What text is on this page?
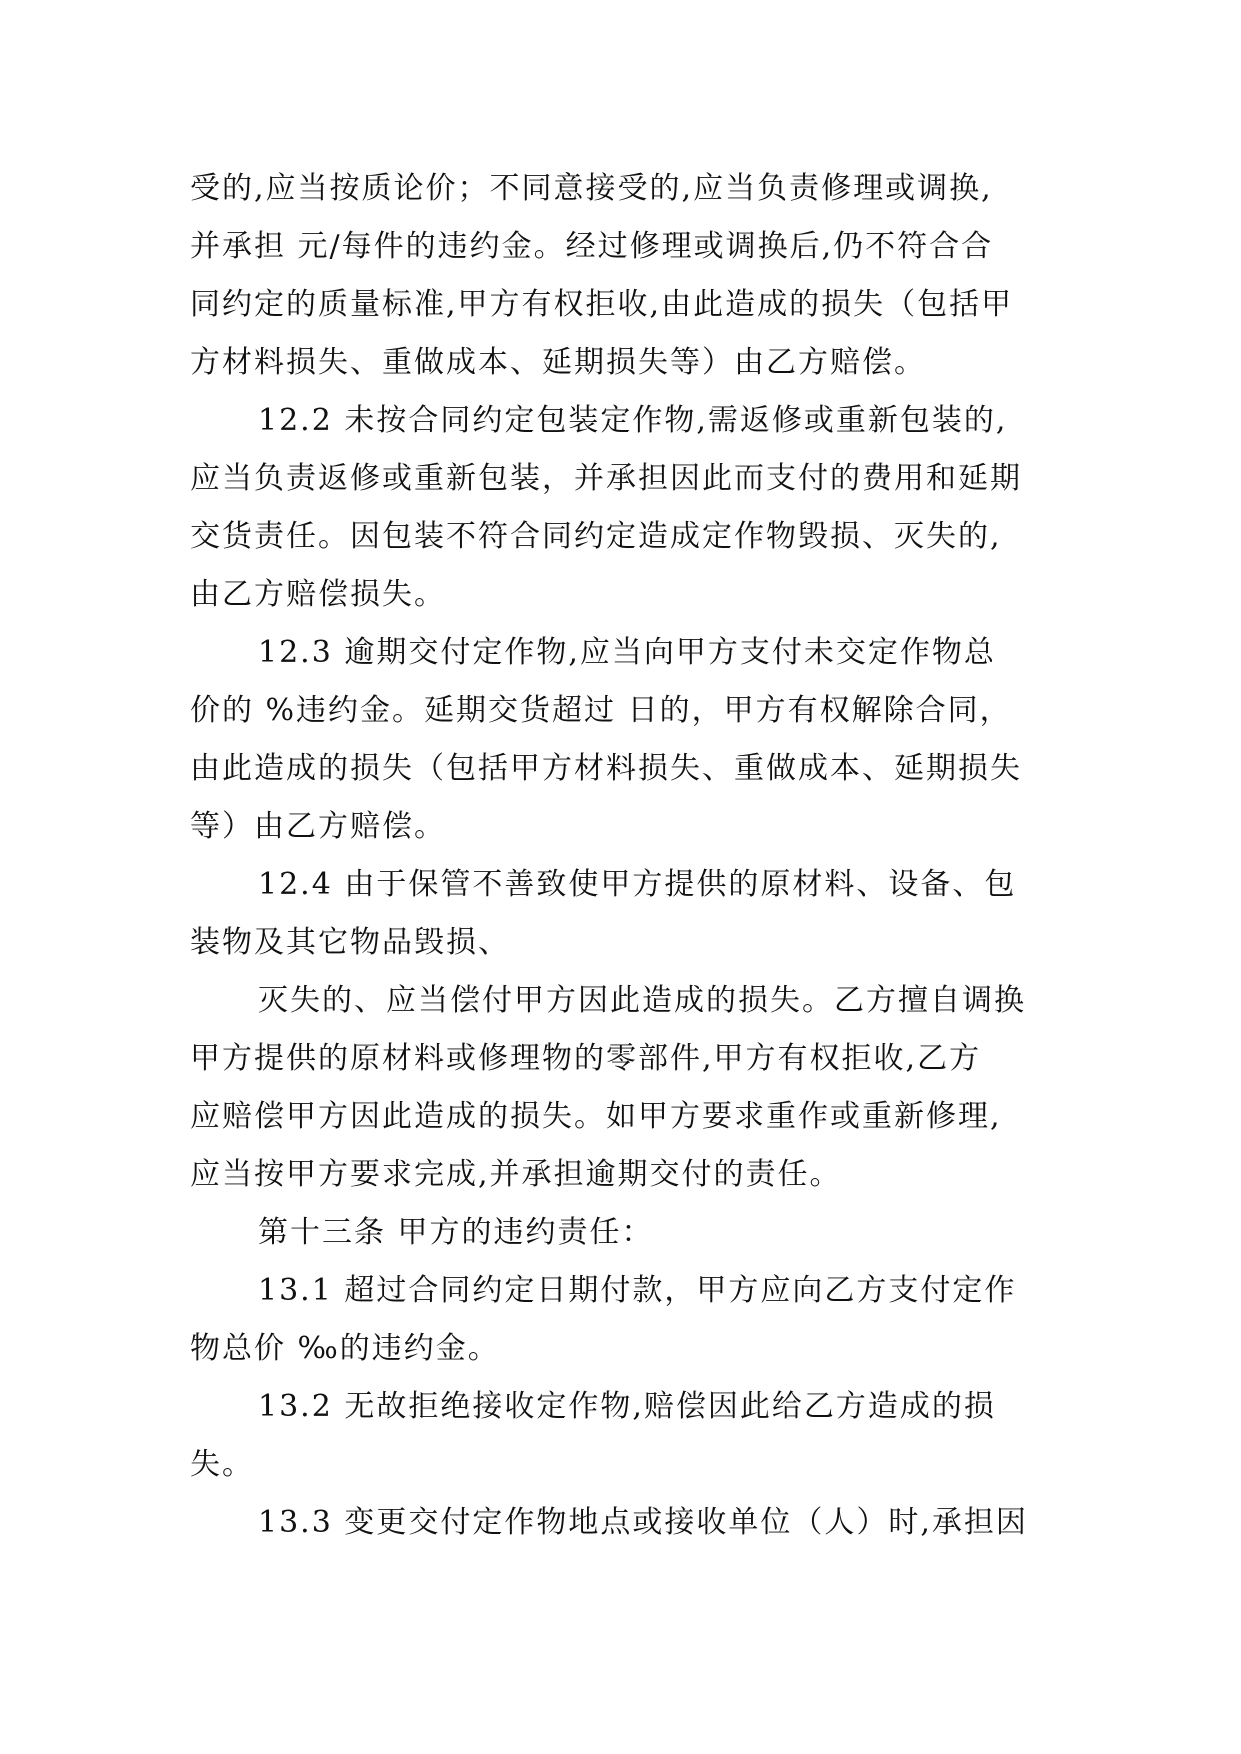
受的,应当按质论价；不同意接受的,应当负责修理或调换,
并承担 元/每件的违约金。经过修理或调换后,仍不符合合
同约定的质量标准,甲方有权拒收,由此造成的损失（包括甲
方材料损失、重做成本、延期损失等）由乙方赔偿。
12.2 未按合同约定包装定作物,需返修或重新包装的,
应当负责返修或重新包装，并承担因此而支付的费用和延期
交货责任。因包装不符合同约定造成定作物毁损、灭失的,
由乙方赔偿损失。
12.3 逾期交付定作物,应当向甲方支付未交定作物总
价的 %违约金。延期交货超过 日的，甲方有权解除合同，
由此造成的损失（包括甲方材料损失、重做成本、延期损失
等）由乙方赔偿。
12.4 由于保管不善致使甲方提供的原材料、设备、包
装物及其它物品毁损、
灭失的、应当偿付甲方因此造成的损失。乙方擅自调换
甲方提供的原材料或修理物的零部件,甲方有权拒收,乙方
应赔偿甲方因此造成的损失。如甲方要求重作或重新修理,
应当按甲方要求完成,并承担逾期交付的责任。
第十三条 甲方的违约责任：
13.1 超过合同约定日期付款，甲方应向乙方支付定作
物总价 ‰的违约金。
13.2 无故拒绝接收定作物,赔偿因此给乙方造成的损
失。
13.3 变更交付定作物地点或接收单位（人）时,承担因
